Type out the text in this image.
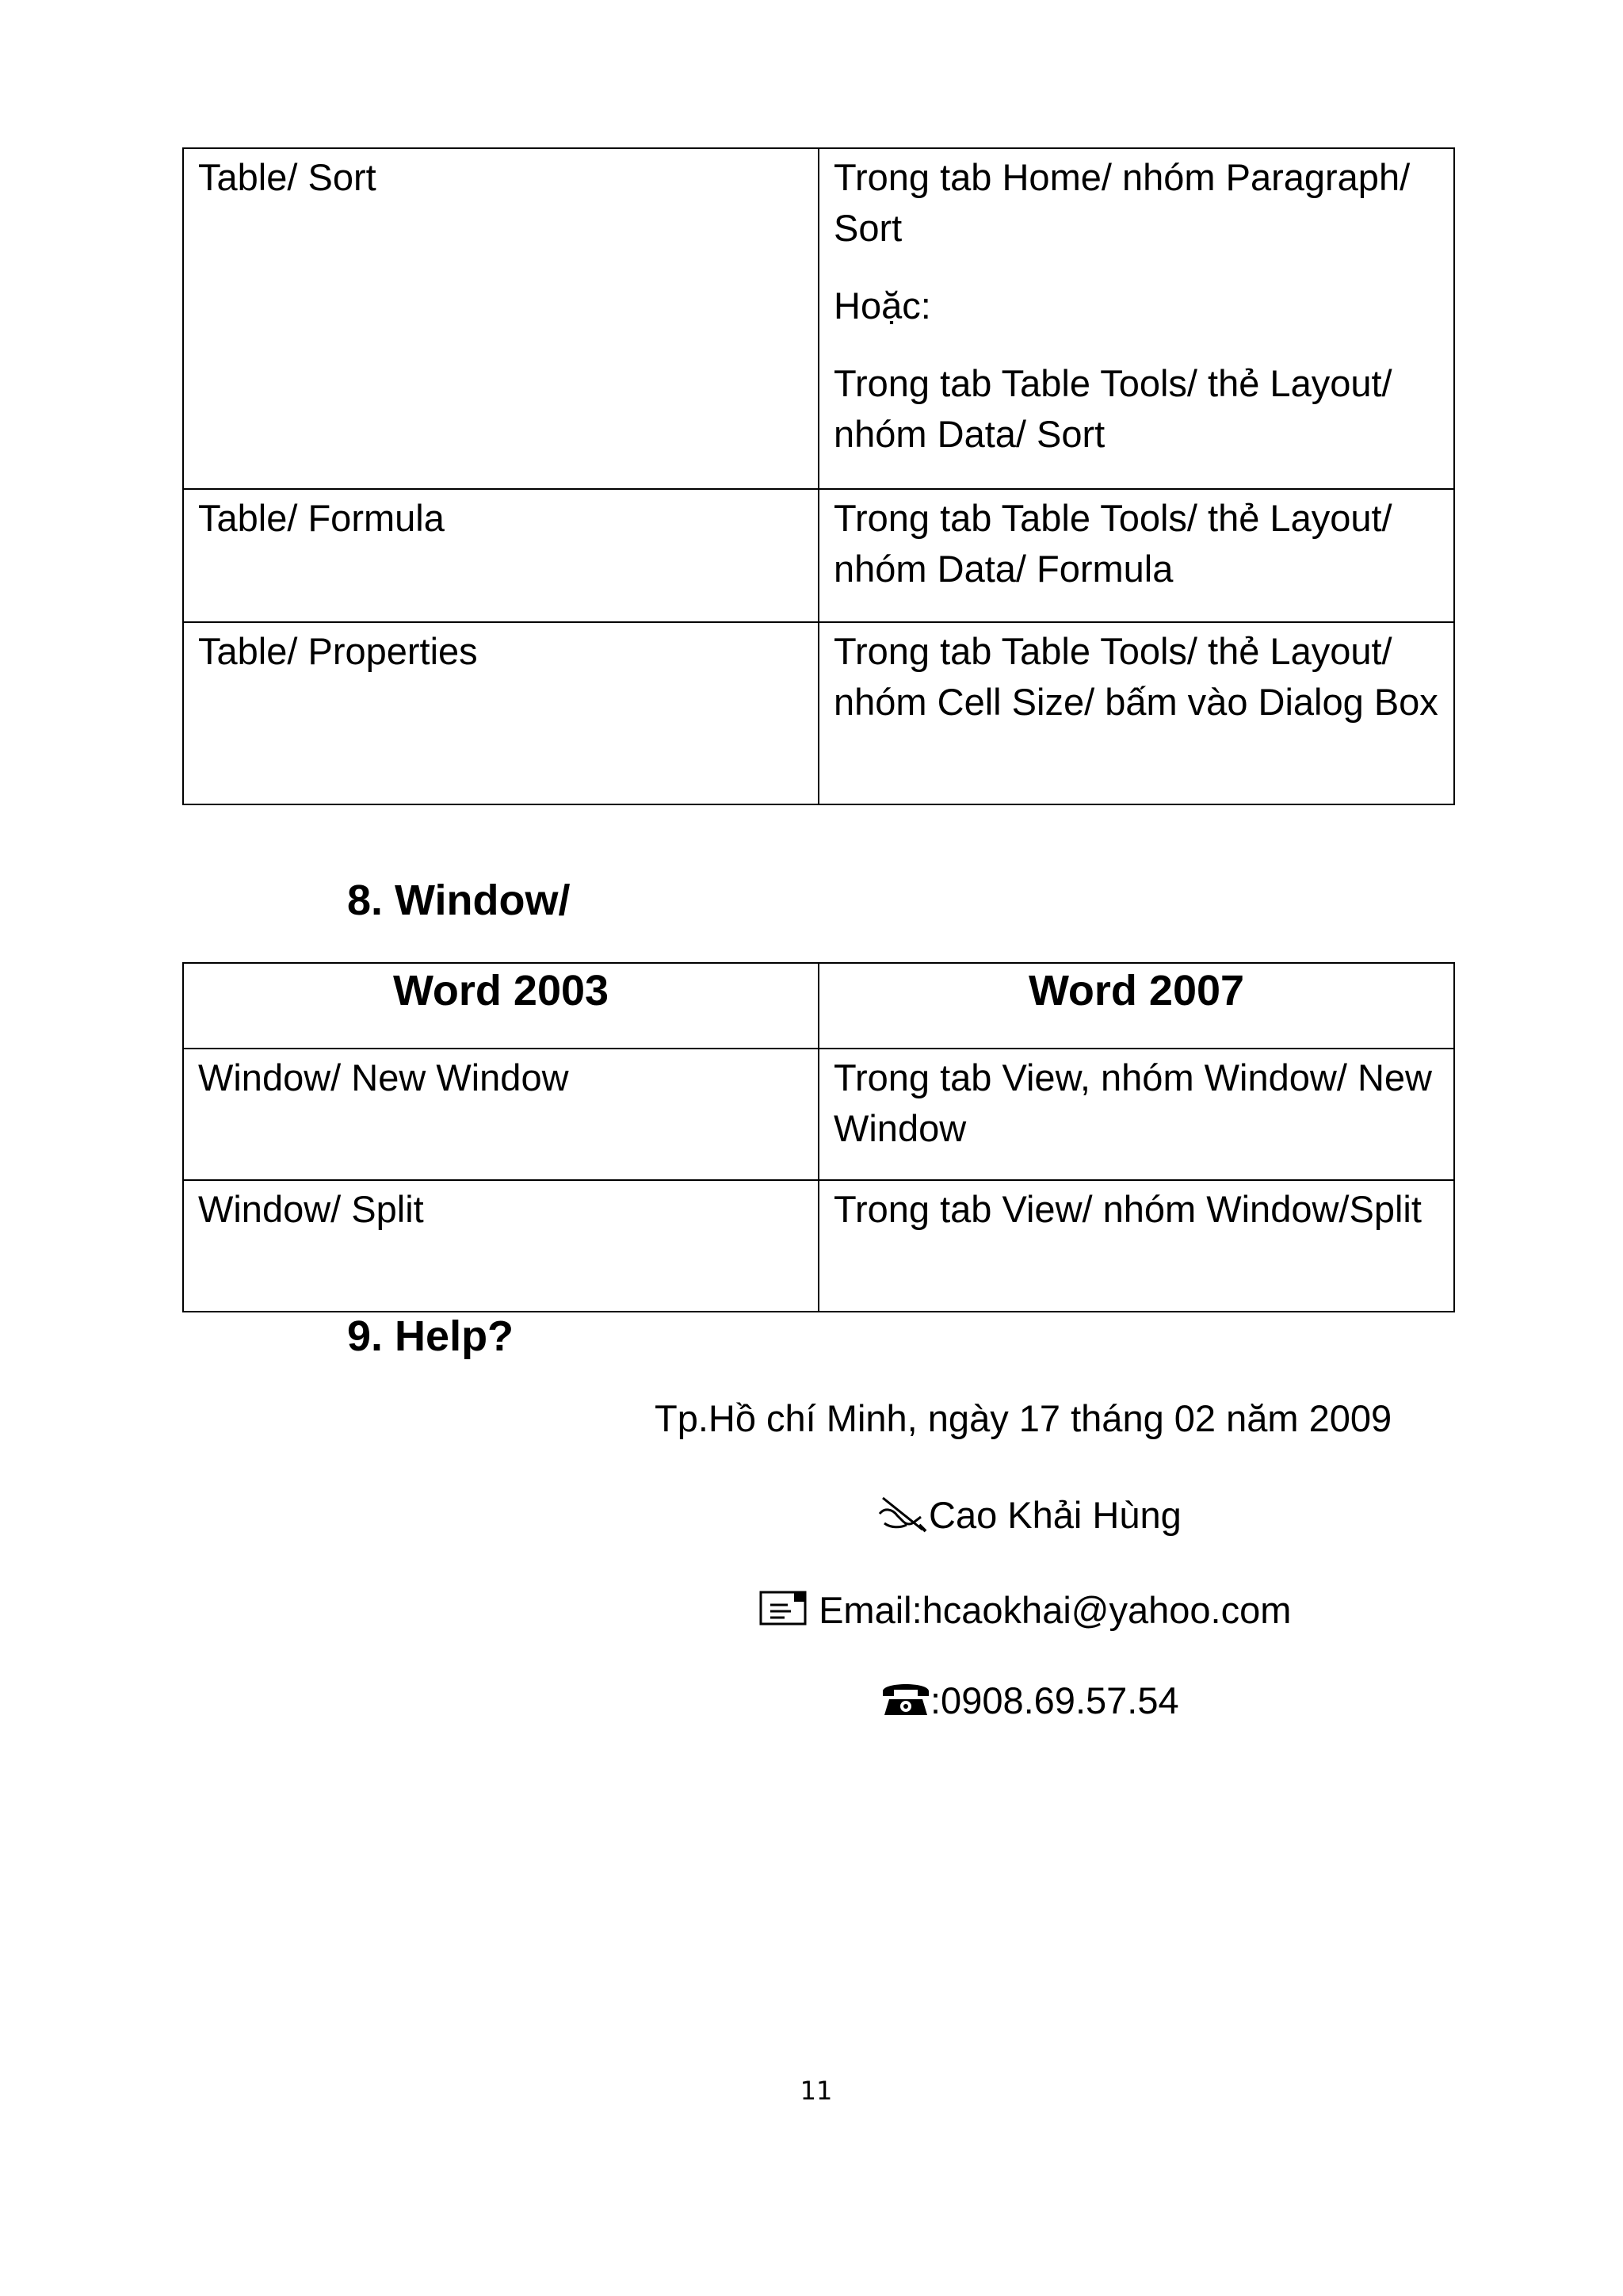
Table/ Sort	Trong tab Home/ nhóm Paragraph/ Sort

Hoặc:

Trong tab Table Tools/ thẻ Layout/ nhóm Data/ Sort

Table/ Formula	Trong tab Table Tools/ thẻ Layout/ nhóm Data/ Formula

Table/ Properties	Trong tab Table Tools/ thẻ Layout/ nhóm Cell Size/ bấm vào Dialog Box

8. Window/
Word 2003	Word 2007
Window/ New Window	Trong tab View, nhóm Window/ New Window
Window/ Split	Trong tab View/ nhóm Window/Split
9. Help?
Tp.Hồ chí Minh, ngày 17 tháng 02 năm 2009
Cao Khải Hùng
Email:hcaokhai@yahoo.com
:0908.69.57.54
11
